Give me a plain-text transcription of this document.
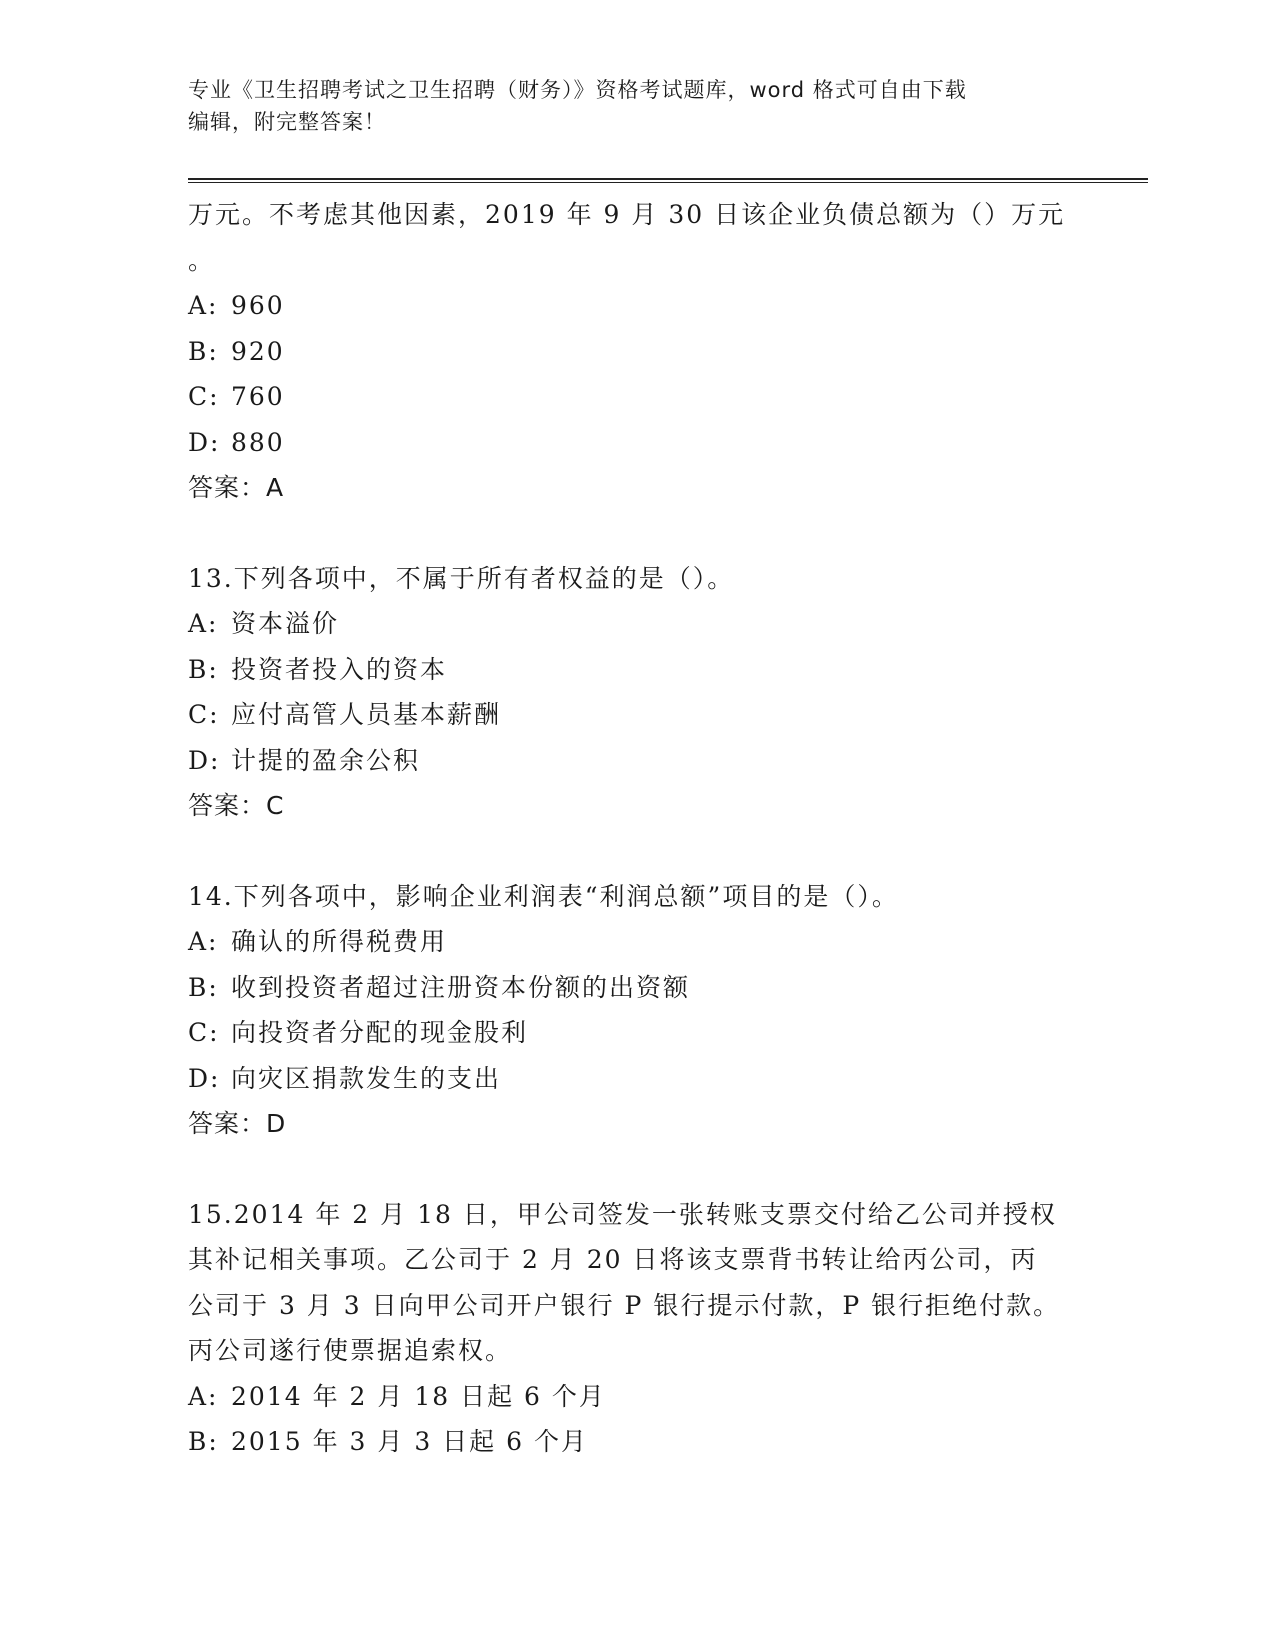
专业《卫生招聘考试之卫生招聘（财务）》资格考试题库，word 格式可自由下载
编辑，附完整答案！
万元。不考虑其他因素，2019 年 9 月 30 日该企业负债总额为（）万元
。
A: 960
B: 920
C: 760
D: 880
答案：A
13.下列各项中，不属于所有者权益的是（）。
A: 资本溢价
B: 投资者投入的资本
C: 应付高管人员基本薪酬
D: 计提的盈余公积
答案：C
14.下列各项中，影响企业利润表“利润总额”项目的是（）。
A: 确认的所得税费用
B: 收到投资者超过注册资本份额的出资额
C: 向投资者分配的现金股利
D: 向灾区捐款发生的支出
答案：D
15.2014 年 2 月 18 日，甲公司签发一张转账支票交付给乙公司并授权
其补记相关事项。乙公司于 2 月 20 日将该支票背书转让给丙公司，丙
公司于 3 月 3 日向甲公司开户银行 P 银行提示付款，P 银行拒绝付款。
丙公司遂行使票据追索权。
A: 2014 年 2 月 18 日起 6 个月
B: 2015 年 3 月 3 日起 6 个月
